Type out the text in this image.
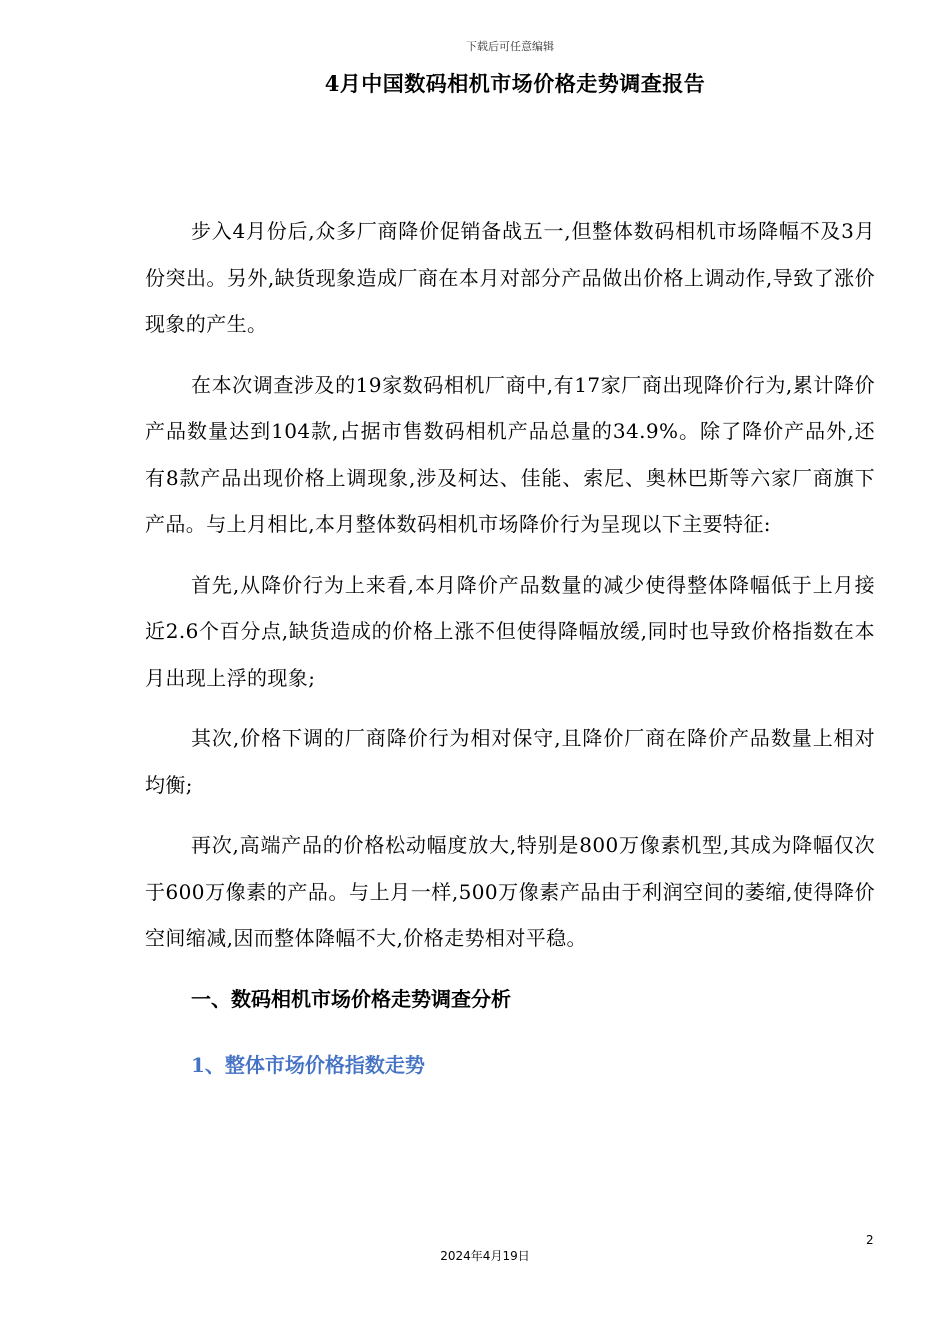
下载后可任意编辑
4月中国数码相机市场价格走势调查报告

步入4月份后,众多厂商降价促销备战五一,但整体数码相机市场降幅不及3月份突出。另外,缺货现象造成厂商在本月对部分产品做出价格上调动作,导致了涨价现象的产生。

在本次调查涉及的19家数码相机厂商中,有17家厂商出现降价行为,累计降价产品数量达到104款,占据市售数码相机产品总量的34.9%。除了降价产品外,还有8款产品出现价格上调现象,涉及柯达、佳能、索尼、奥林巴斯等六家厂商旗下产品。与上月相比,本月整体数码相机市场降价行为呈现以下主要特征:

首先,从降价行为上来看,本月降价产品数量的减少使得整体降幅低于上月接近2.6个百分点,缺货造成的价格上涨不但使得降幅放缓,同时也导致价格指数在本月出现上浮的现象;

其次,价格下调的厂商降价行为相对保守,且降价厂商在降价产品数量上相对均衡;

再次,高端产品的价格松动幅度放大,特别是800万像素机型,其成为降幅仅次于600万像素的产品。与上月一样,500万像素产品由于利润空间的萎缩,使得降价空间缩减,因而整体降幅不大,价格走势相对平稳。

一、数码相机市场价格走势调查分析
1、整体市场价格指数走势
2
2024年4月19日
